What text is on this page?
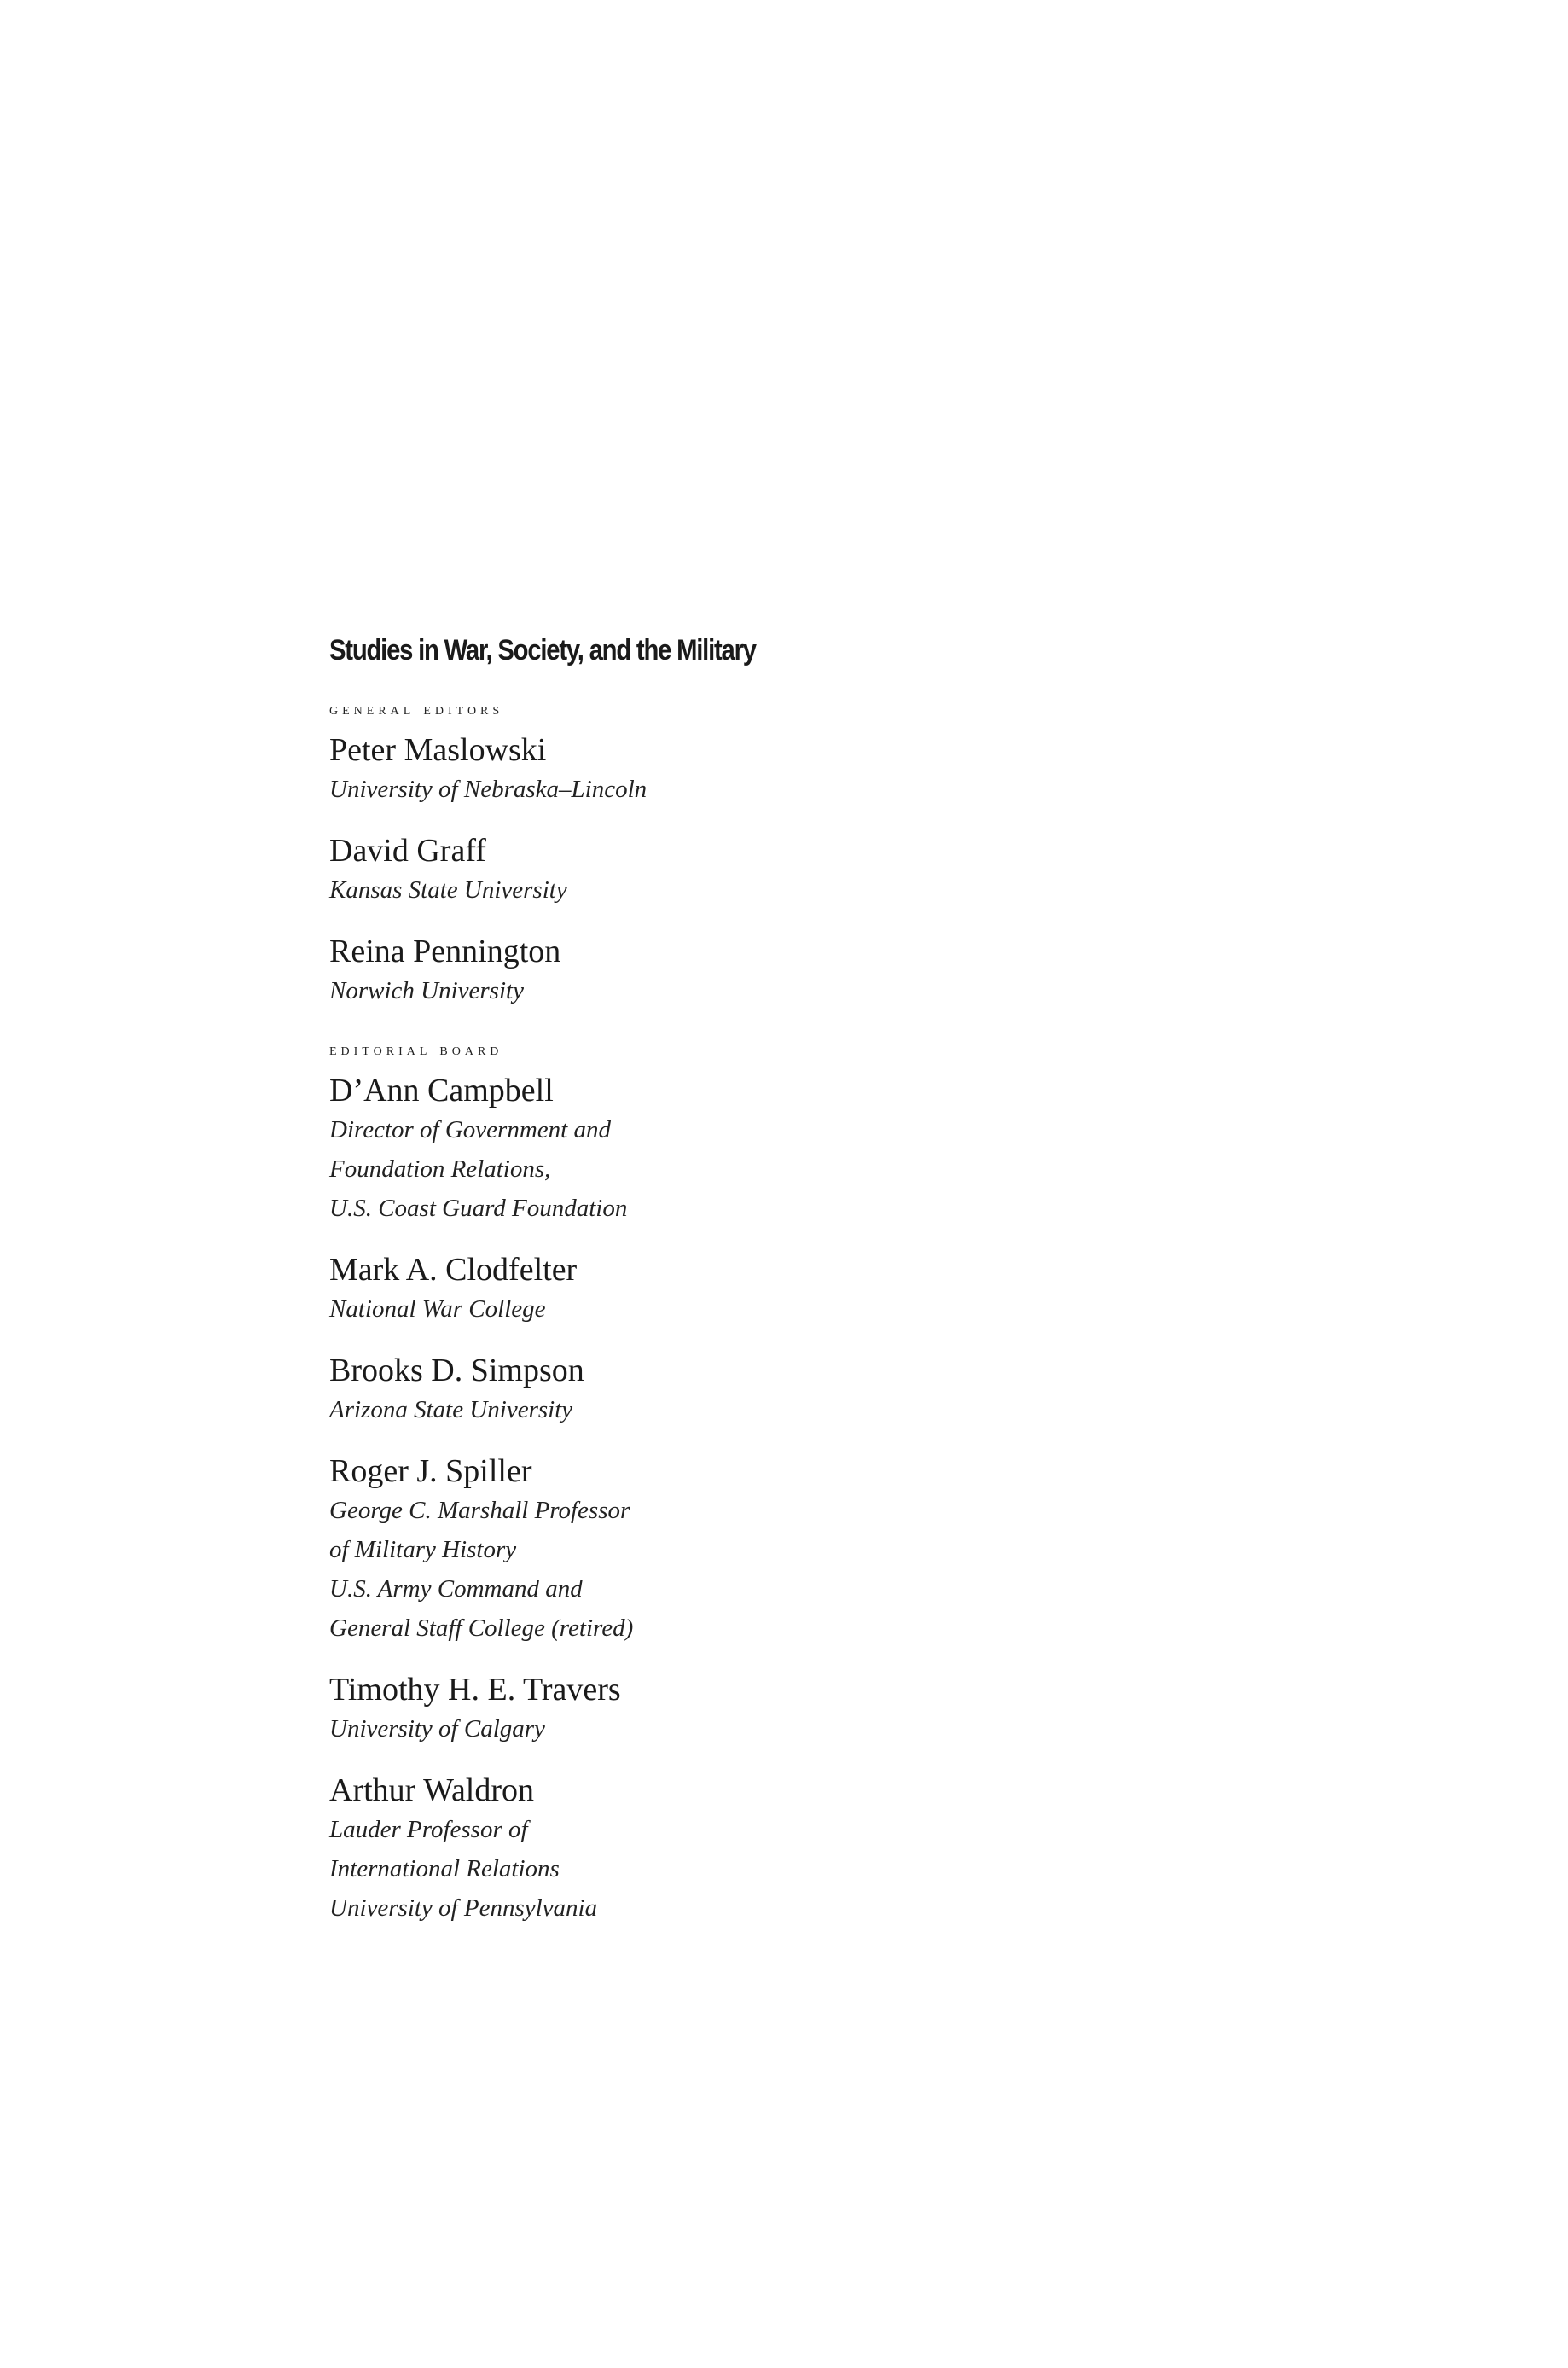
Studies in War, Society, and the Military
general editors
Peter Maslowski
University of Nebraska–Lincoln
David Graff
Kansas State University
Reina Pennington
Norwich University
editorial board
D’Ann Campbell
Director of Government and
Foundation Relations,
U.S. Coast Guard Foundation
Mark A. Clodfelter
National War College
Brooks D. Simpson
Arizona State University
Roger J. Spiller
George C. Marshall Professor
of Military History
U.S. Army Command and
General Staff College (retired)
Timothy H. E. Travers
University of Calgary
Arthur Waldron
Lauder Professor of
International Relations
University of Pennsylvania
